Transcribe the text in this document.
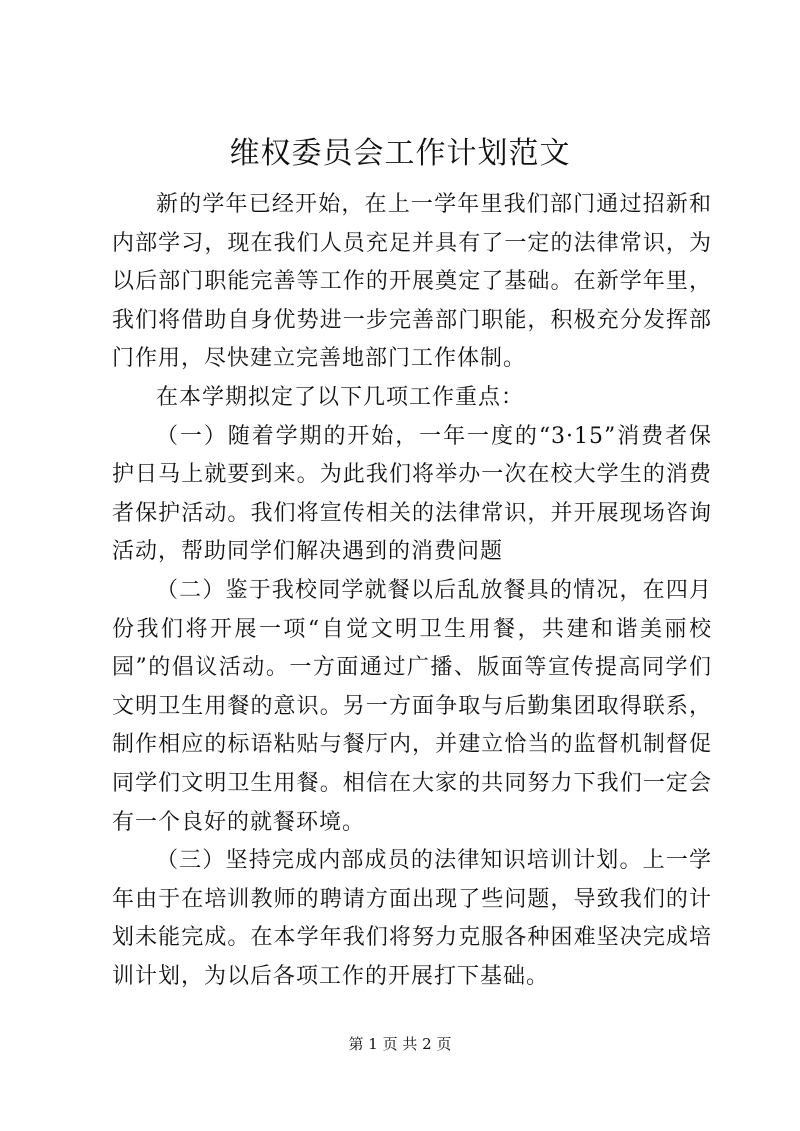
维权委员会工作计划范文

新的学年已经开始，在上一学年里我们部门通过招新和内部学习，现在我们人员充足并具有了一定的法律常识，为以后部门职能完善等工作的开展奠定了基础。在新学年里，我们将借助自身优势进一步完善部门职能，积极充分发挥部门作用，尽快建立完善地部门工作体制。

在本学期拟定了以下几项工作重点：

（一）随着学期的开始，一年一度的“3·15”消费者保护日马上就要到来。为此我们将举办一次在校大学生的消费者保护活动。我们将宣传相关的法律常识，并开展现场咨询活动，帮助同学们解决遇到的消费问题

（二）鉴于我校同学就餐以后乱放餐具的情况，在四月份我们将开展一项“自觉文明卫生用餐，共建和谐美丽校园”的倡议活动。一方面通过广播、版面等宣传提高同学们文明卫生用餐的意识。另一方面争取与后勤集团取得联系，制作相应的标语粘贴与餐厅内，并建立恰当的监督机制督促同学们文明卫生用餐。相信在大家的共同努力下我们一定会有一个良好的就餐环境。

（三）坚持完成内部成员的法律知识培训计划。上一学年由于在培训教师的聘请方面出现了些问题，导致我们的计划未能完成。在本学年我们将努力克服各种困难坚决完成培训计划，为以后各项工作的开展打下基础。

第 1 页 共 2 页
